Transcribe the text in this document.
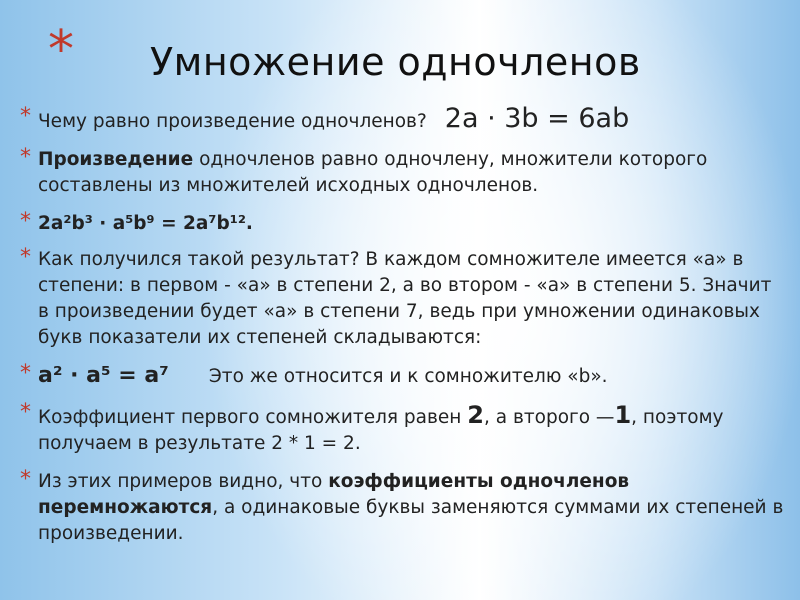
* Умножение одночленов
* Чему равно произведение одночленов? 2a · 3b = 6ab
* Произведение одночленов равно одночлену, множители которого составлены из множителей исходных одночленов.
* 2a²b³ · a⁵b⁹ = 2a⁷b¹².
* Как получился такой результат? В каждом сомножителе имеется «а» в степени: в первом - «а» в степени 2, а во втором - «а» в степени 5. Значит в произведении будет «а» в степени 7, ведь при умножении одинаковых букв показатели их степеней складываются:
* a² · a⁵ = a⁷ Это же относится и к сомножителю «b».
* Коэффициент первого сомножителя равен 2, а второго —1, поэтому получаем в результате 2 * 1 = 2.
* Из этих примеров видно, что коэффициенты одночленов перемножаются, а одинаковые буквы заменяются суммами их степеней в произведении.
